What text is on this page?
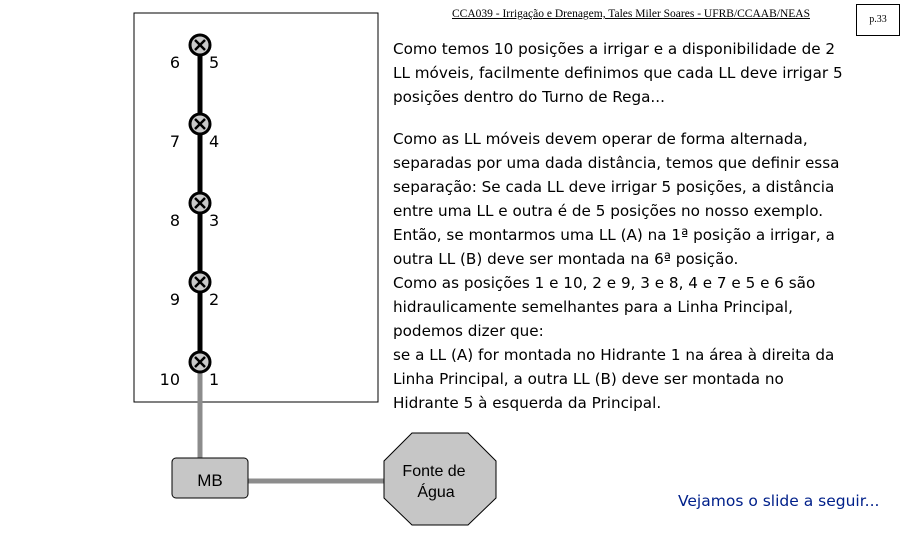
CCA039 - Irrigação e Drenagem, Tales Miler Soares - UFRB/CCAAB/NEAS	p.33
MB	Fonte de
Água
6 5
7 4
8 3
9 2
10 1
Como temos 10 posições a irrigar e a disponibilidade de 2
LL móveis, facilmente definimos que cada LL deve irrigar 5
posições dentro do Turno de Rega...
Como as LL móveis devem operar de forma alternada,
separadas por uma dada distância, temos que definir essa
separação: Se cada LL deve irrigar 5 posições, a distância
entre uma LL e outra é de 5 posições no nosso exemplo.
Então, se montarmos uma LL (A) na 1ª posição a irrigar, a
outra LL (B) deve ser montada na 6ª posição.
Como as posições 1 e 10, 2 e 9, 3 e 8, 4 e 7 e 5 e 6 são
hidraulicamente semelhantes para a Linha Principal,
podemos dizer que:
se a LL (A) for montada no Hidrante 1 na área à direita da
Linha Principal, a outra LL (B) deve ser montada no
Hidrante 5 à esquerda da Principal.
Vejamos o slide a seguir...
